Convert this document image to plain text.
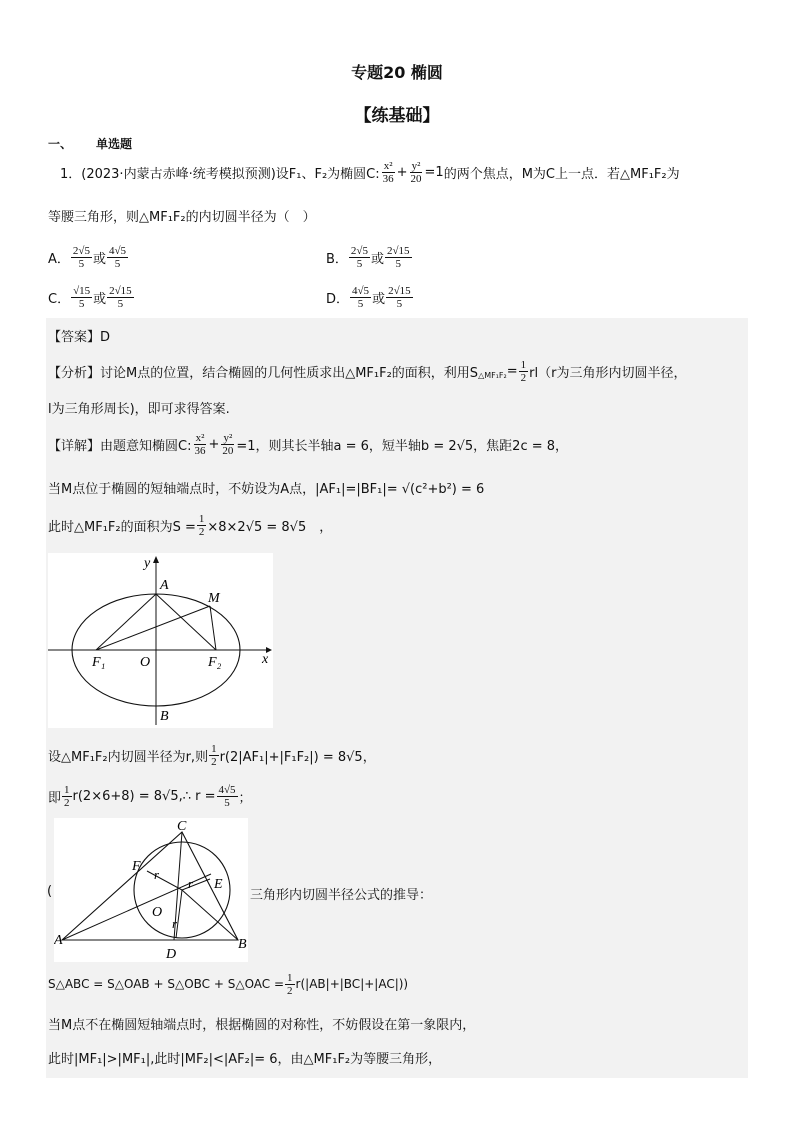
专题20 椭圆
【练基础】
一、 单选题
1． (2023·内蒙古赤峰·统考模拟预测) 设F₁、F₂为椭圆C: $\frac{\text{x²}}{36} + \frac{\text{y²}}{20} =1$ 的两个焦点，M为C上一点．若△MF₁F₂为
等腰三角形，则△MF₁F₂的内切圆半径为（　）
A． $\frac{2√5}{5}$ 或 $\frac{4√5}{5}$	B． $\frac{2√5}{5}$ 或 $\frac{2√15}{5}$
C． $\frac{√15}{5}$ 或 $\frac{2√15}{5}$	D． $\frac{4√5}{5}$ 或 $\frac{2√15}{5}$
【答案】D
【分析】讨论M点的位置，结合椭圆的几何性质求出△MF₁F₂的面积，利用S △MF₁F₂ = $\frac{1}{2} rl(r$为三角形内切圆半径，
l为三角形周长)，即可求得答案.
【详解】由题意知椭圆C: $\frac{\text{x²}}{36} + \frac{\text{y²}}{20} =1$，则其长半轴a = 6，短半轴b = 2√5，焦距2c = 8，
当M点位于椭圆的短轴端点时，不妨设为A点，|AF₁|=|BF₁|= √(c²+b²) = 6
此时△MF₁F₂的面积为$S = \frac{1}{2} \times 8\times 2√5 = 8√5$　，
y
A
M
F₁ O	F₂	x
B
设△MF₁F₂内切圆半径为r,则 $\frac{1}{2} r(2|AF_1|+|F_1F_2|) = 8√5$，
即 $\frac{1}{2} r(2\times 6+8)$ = 8√5,∴ $r = \frac{4√5}{5}$ ；
C
F
E
r
r
O
r
A
D
B
(	三角形内切圆半径公式的推导：
S△ABC = S△OAB + S△OBC + S△OAC = $\frac{1}{2} r(|AB|+|BC|+|AC|)$)
当M点不在椭圆短轴端点时，根据椭圆的对称性，不妨假设在第一象限内，
此时|MF₁|>|MF₁|,此时|MF₂|<|AF₂|= 6，由△MF₁F₂为等腰三角形，
